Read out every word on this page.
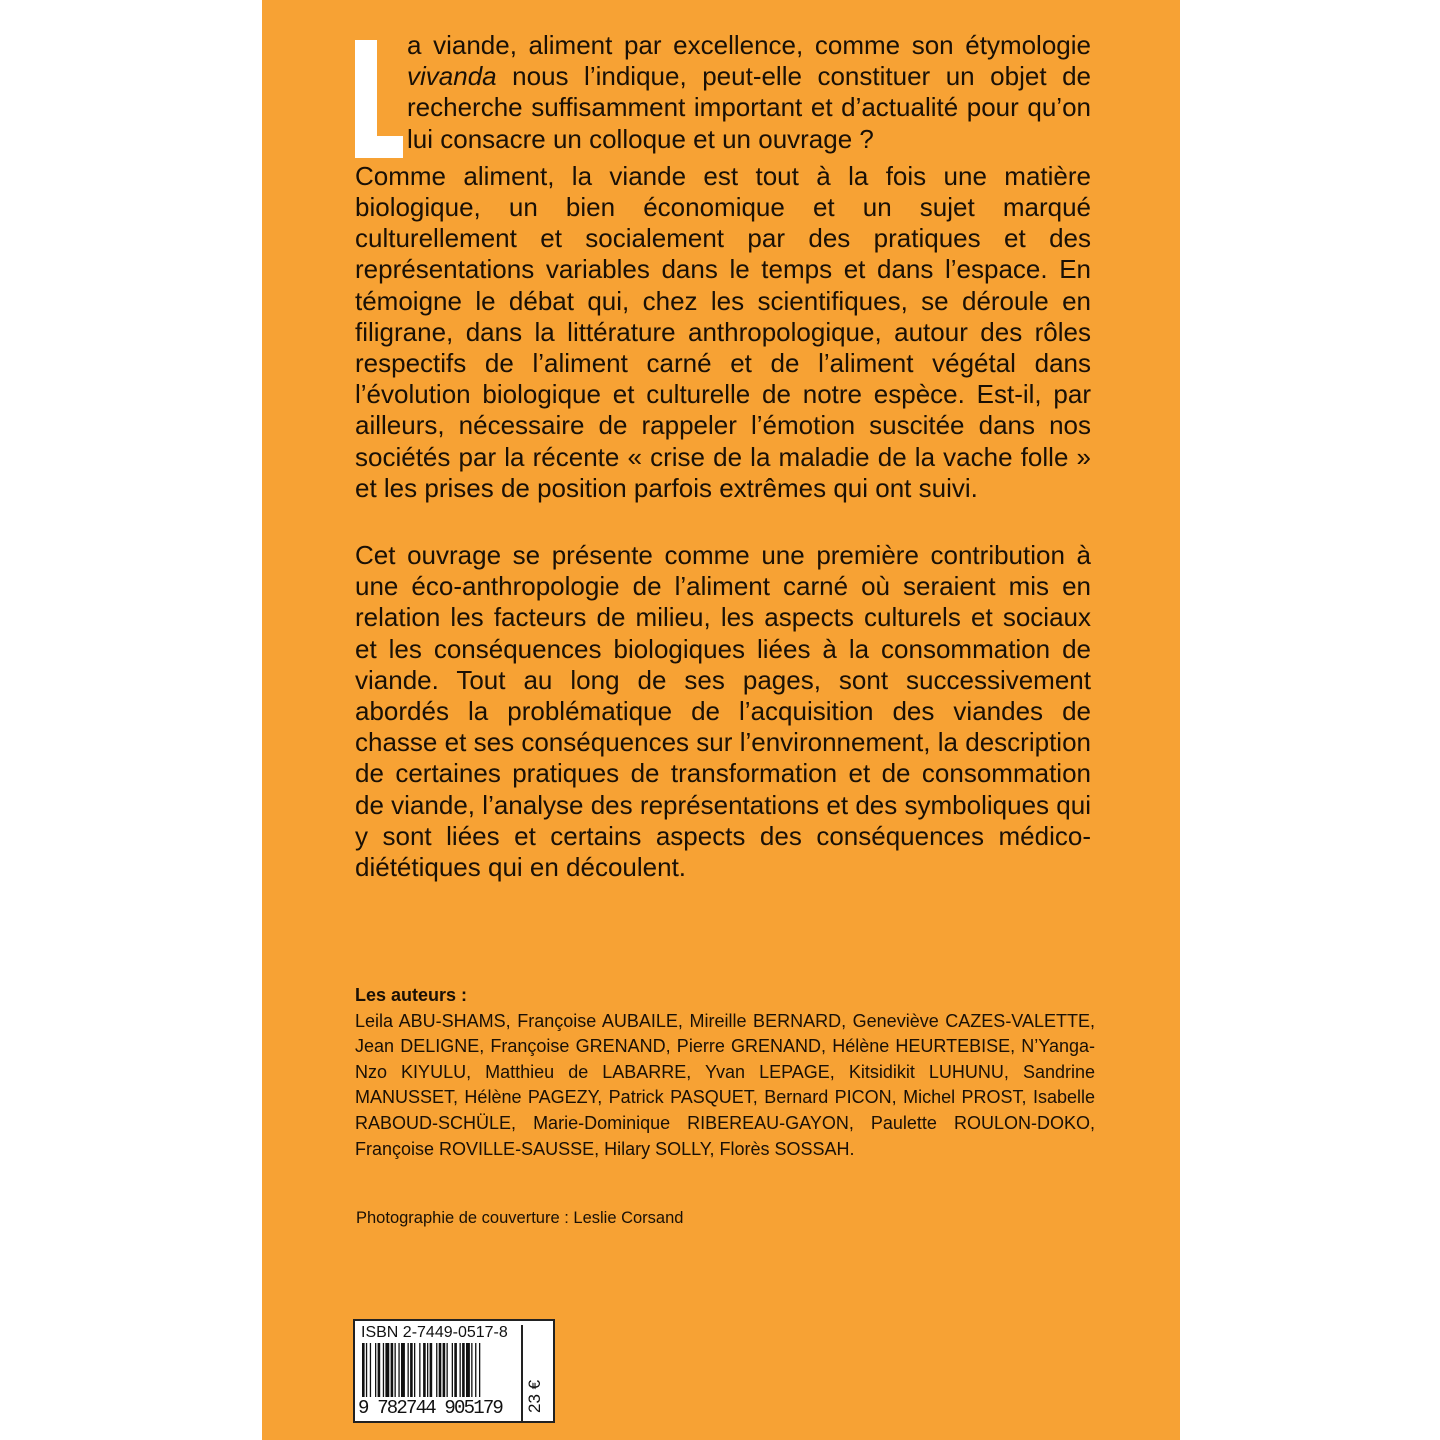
a viande, aliment par excellence, comme son étymologie vivanda nous l’indique, peut-elle constituer un objet de recherche suffisamment important et d’actualité pour qu’on lui consacre un colloque et un ouvrage ?

Comme aliment, la viande est tout à la fois une matière biologique, un bien économique et un sujet marqué culturellement et socialement par des pratiques et des représentations variables dans le temps et dans l’espace. En témoigne le débat qui, chez les scientifiques, se déroule en filigrane, dans la littérature anthropologique, autour des rôles respectifs de l’aliment carné et de l’aliment végétal dans l’évolution biologique et culturelle de notre espèce. Est-il, par ailleurs, nécessaire de rappeler l’émotion suscitée dans nos sociétés par la récente « crise de la maladie de la vache folle » et les prises de position parfois extrêmes qui ont suivi.

Cet ouvrage se présente comme une première contribution à une éco-anthropologie de l’aliment carné où seraient mis en relation les facteurs de milieu, les aspects culturels et sociaux et les conséquences biologiques liées à la consommation de viande. Tout au long de ses pages, sont successivement abordés la problématique de l’acquisition des viandes de chasse et ses conséquences sur l’environnement, la description de certaines pratiques de transformation et de consommation de viande, l’analyse des représentations et des symboliques qui y sont liées et certains aspects des conséquences médico-diététiques qui en découlent.

Les auteurs :
Leila ABU-SHAMS, Françoise AUBAILE, Mireille BERNARD, Geneviève CAZES-VALETTE, Jean DELIGNE, Françoise GRENAND, Pierre GRENAND, Hélène HEURTEBISE, N’Yanga-Nzo KIYULU, Matthieu de LABARRE, Yvan LEPAGE, Kitsidikit LUHUNU, Sandrine MANUSSET, Hélène PAGEZY, Patrick PASQUET, Bernard PICON, Michel PROST, Isabelle RABOUD-SCHÜLE, Marie-Dominique RIBEREAU-GAYON, Paulette ROULON-DOKO, Françoise ROVILLE-SAUSSE, Hilary SOLLY, Florès SOSSAH.
Photographie de couverture : Leslie Corsand
ISBN 2-7449-0517-8
9 782744 905179 23 €
